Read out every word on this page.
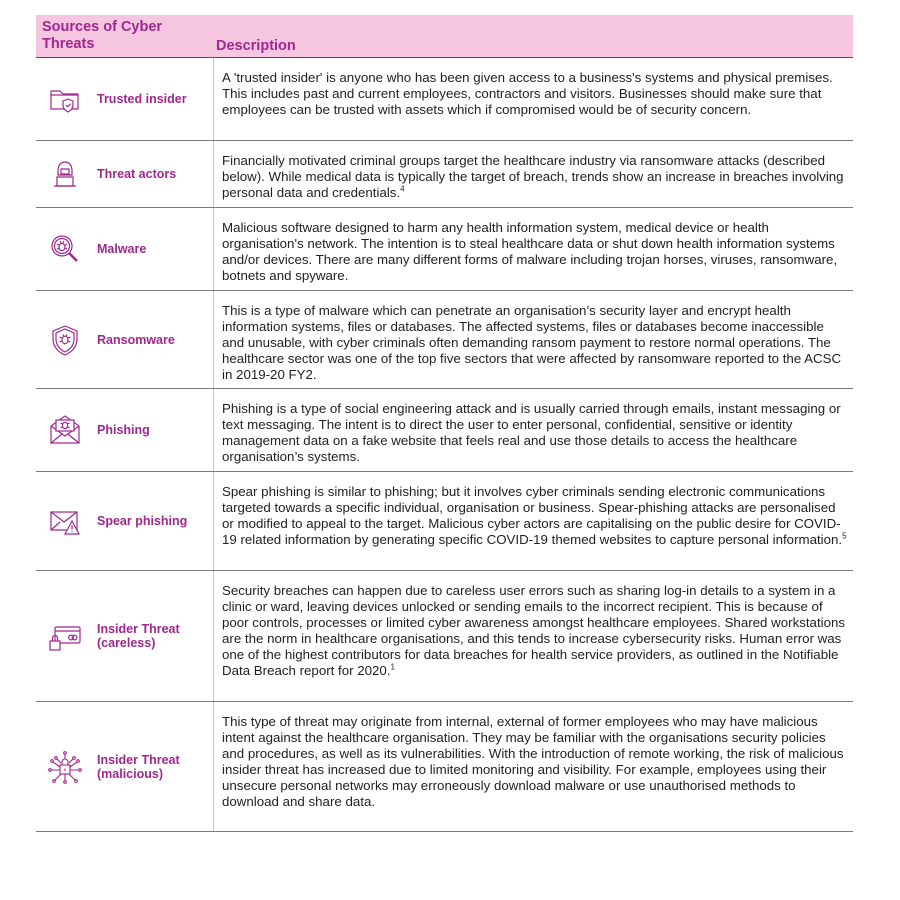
Sources of Cyber Threats	Description
Trusted insider
A 'trusted insider' is anyone who has been given access to a business's systems and physical premises. This includes past and current employees, contractors and visitors. Businesses should make sure that employees can be trusted with assets which if compromised would be of security concern.
Threat actors
Financially motivated criminal groups target the healthcare industry via ransomware attacks (described below). While medical data is typically the target of breach, trends show an increase in breaches involving personal data and credentials.$^4$
Malware
Malicious software designed to harm any health information system, medical device or health organisation's network. The intention is to steal healthcare data or shut down health information systems and/or devices. There are many different forms of malware including trojan horses, viruses, ransomware, botnets and spyware.
Ransomware
This is a type of malware which can penetrate an organisation’s security layer and encrypt health information systems, files or databases. The affected systems, files or databases become inaccessible and unusable, with cyber criminals often demanding ransom payment to restore normal operations. The healthcare sector was one of the top five sectors that were affected by ransomware reported to the ACSC in 2019-20 FY2.
Phishing
Phishing is a type of social engineering attack and is usually carried through emails, instant messaging or text messaging. The intent is to direct the user to enter personal, confidential, sensitive or identity management data on a fake website that feels real and use those details to access the healthcare organisation’s systems.
Spear phishing
Spear phishing is similar to phishing; but it involves cyber criminals sending electronic communications targeted towards a specific individual, organisation or business. Spear-phishing attacks are personalised or modified to appeal to the target. Malicious cyber actors are capitalising on the public desire for COVID-19 related information by generating specific COVID-19 themed websites to capture personal information.$^5$
Insider Threat (careless)
Security breaches can happen due to careless user errors such as sharing log-in details to a system in a clinic or ward, leaving devices unlocked or sending emails to the incorrect recipient. This is because of poor controls, processes or limited cyber awareness amongst healthcare employees. Shared workstations are the norm in healthcare organisations, and this tends to increase cybersecurity risks. Human error was one of the highest contributors for data breaches for health service providers, as outlined in the Notifiable Data Breach report for 2020.$^1$
Insider Threat (malicious)
This type of threat may originate from internal, external of former employees who may have malicious intent against the healthcare organisation. They may be familiar with the organisations security policies and procedures, as well as its vulnerabilities. With the introduction of remote working, the risk of malicious insider threat has increased due to limited monitoring and visibility. For example, employees using their unsecure personal networks may erroneously download malware or use unauthorised methods to download and share data.
